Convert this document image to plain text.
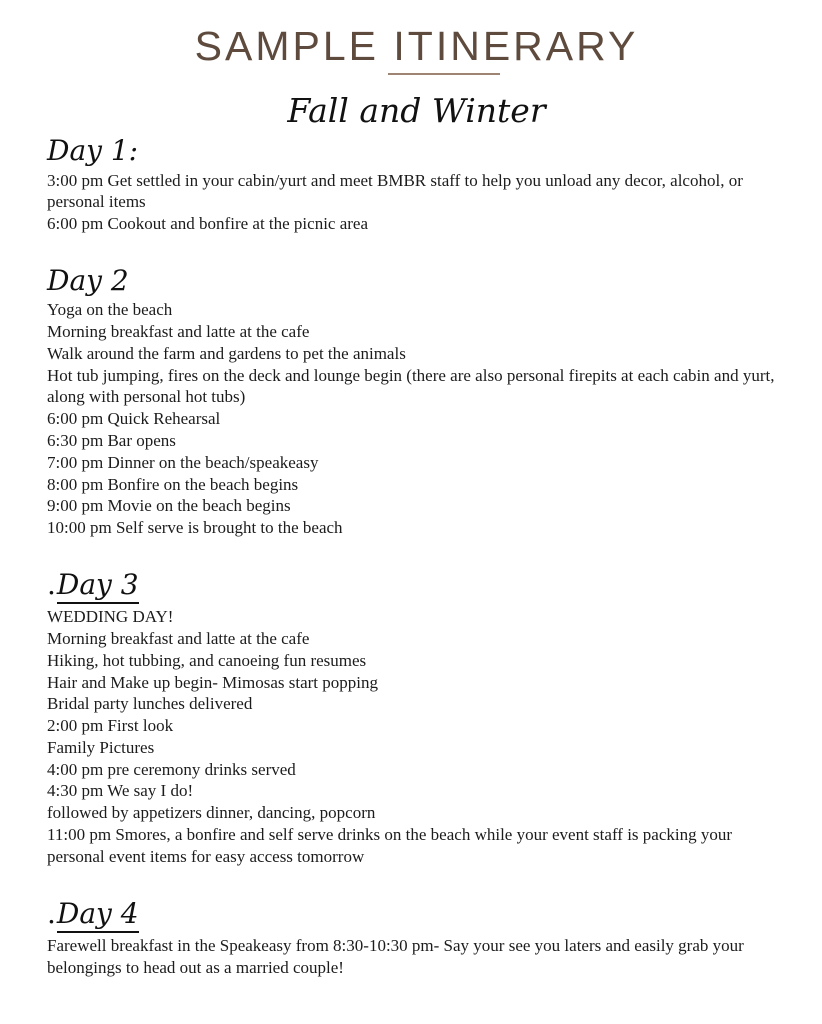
SAMPLE ITINERARY
Fall and Winter
Day 1:

3:00 pm Get settled in your cabin/yurt and meet BMBR staff to help you unload any decor, alcohol, or personal items

6:00 pm Cookout and bonfire at the picnic area

Day 2

Yoga on the beach

Morning breakfast and latte at the cafe

Walk around the farm and gardens to pet the animals

Hot tub jumping, fires on the deck and lounge begin (there are also personal firepits at each cabin and yurt, along with personal hot tubs)

6:00 pm Quick Rehearsal

6:30 pm Bar opens

7:00 pm Dinner on the beach/speakeasy

8:00 pm Bonfire on the beach begins

9:00 pm Movie on the beach begins

10:00 pm Self serve is brought to the beach

.Day 3

WEDDING DAY!

Morning breakfast and latte at the cafe

Hiking, hot tubbing, and canoeing fun resumes

Hair and Make up begin- Mimosas start popping

Bridal party lunches delivered

2:00 pm First look

Family Pictures

4:00 pm pre ceremony drinks served

4:30 pm We say I do!

followed by appetizers dinner, dancing, popcorn

11:00 pm Smores, a bonfire and self serve drinks on the beach while your event staff is packing your personal event items for easy access tomorrow

.Day 4

Farewell breakfast in the Speakeasy from 8:30-10:30 pm- Say your see you laters and easily grab your belongings to head out as a married couple!
